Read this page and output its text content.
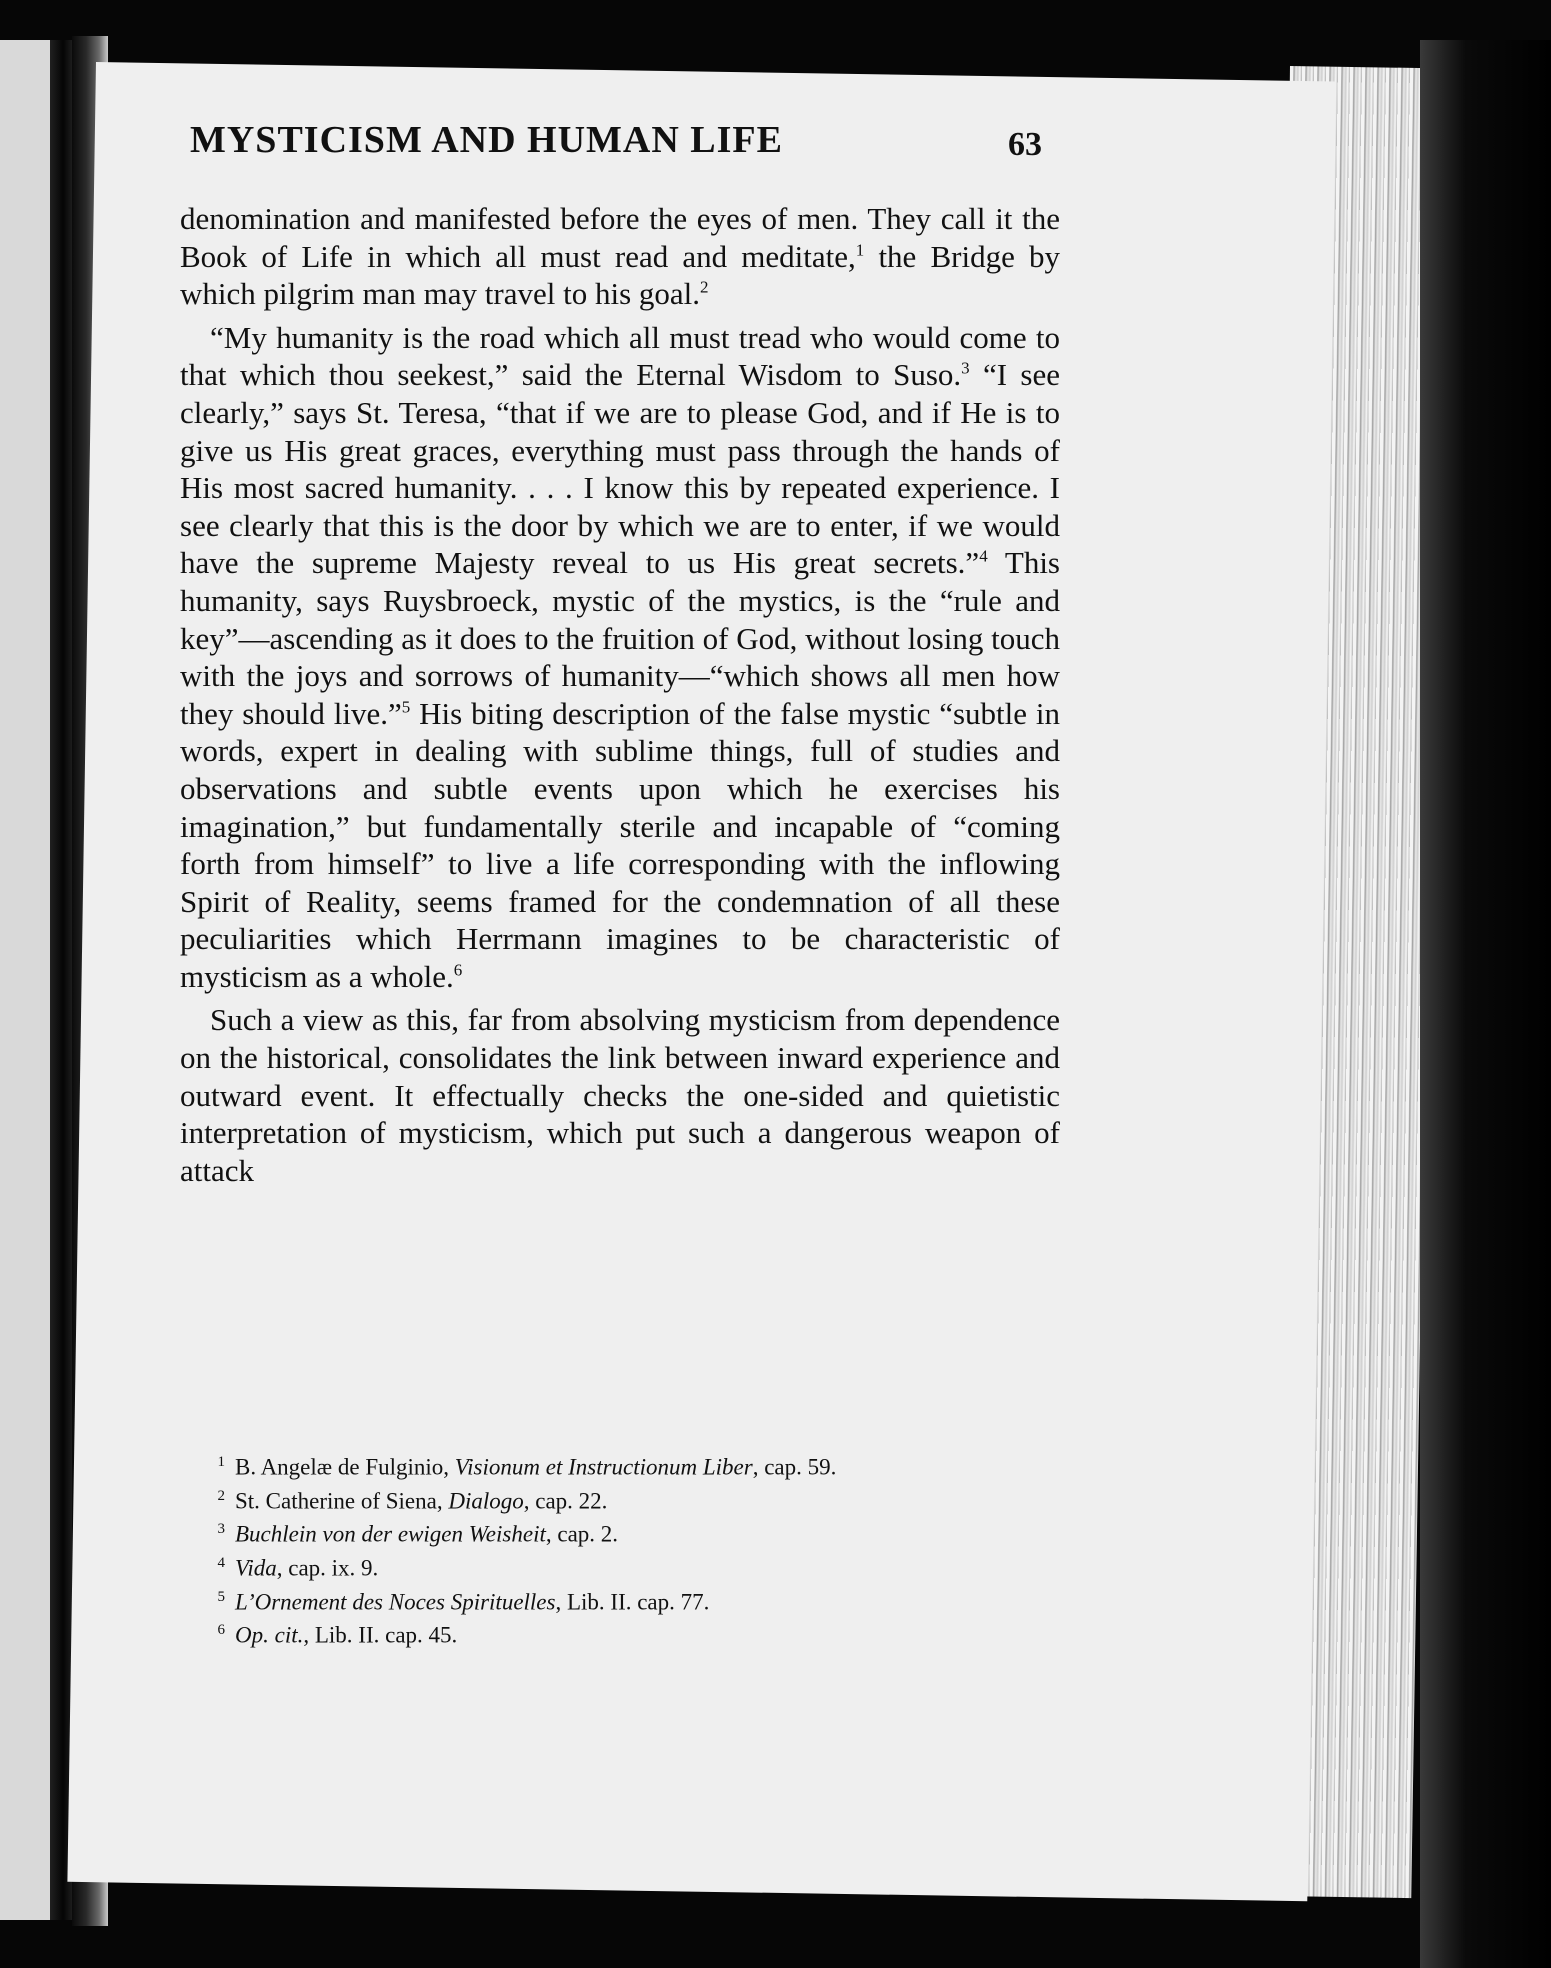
MYSTICISM AND HUMAN LIFE	63

denomination and manifested before the eyes of men. They call it the Book of Life in which all must read and meditate,$^1$ the Bridge by which pilgrim man may travel to his goal.$^2$

“My humanity is the road which all must tread who would come to that which thou seekest,” said the Eternal Wisdom to Suso.$^3$ “I see clearly,” says St. Teresa, “that if we are to please God, and if He is to give us His great graces, everything must pass through the hands of His most sacred humanity. . . . I know this by repeated experience. I see clearly that this is the door by which we are to enter, if we would have the supreme Majesty reveal to us His great secrets.”$^4$ This humanity, says Ruysbroeck, mystic of the mystics, is the “rule and key”—ascending as it does to the fruition of God, without losing touch with the joys and sorrows of humanity—“which shows all men how they should live.”$^5$ His biting description of the false mystic “subtle in words, expert in dealing with sublime things, full of studies and observations and subtle events upon which he exercises his imagination,” but fundamentally sterile and incapable of “coming forth from himself” to live a life corresponding with the inflowing Spirit of Reality, seems framed for the condemnation of all these peculiarities which Herrmann imagines to be characteristic of mysticism as a whole.$^6$

Such a view as this, far from absolving mysticism from dependence on the historical, consolidates the link between inward experience and outward event. It effectually checks the one-sided and quietistic interpretation of mysticism, which put such a dangerous weapon of attack

1 B. Angelæ de Fulginio, Visionum et Instructionum Liber, cap. 59.
2 St. Catherine of Siena, Dialogo, cap. 22.
3 Buchlein von der ewigen Weisheit, cap. 2.
4 Vida, cap. ix. 9.
5 L’Ornement des Noces Spirituelles, Lib. II. cap. 77.
6 Op. cit., Lib. II. cap. 45.
